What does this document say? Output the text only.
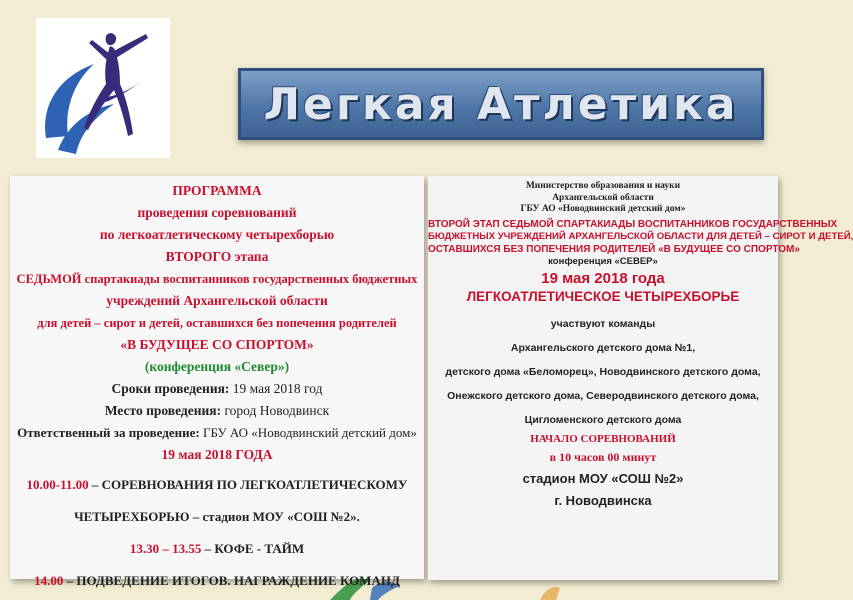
Легкая Атлетика
ПРОГРАММА
проведения соревнований
по легкоатлетическому четырехборью
ВТОРОГО этапа
СЕДЬМОЙ спартакиады воспитанников государственных бюджетных
учреждений Архангельской области
для детей – сирот и детей, оставшихся без попечения родителей
«В БУДУЩЕЕ СО СПОРТОМ»
(конференция «Север»)
Сроки проведения: 19 мая 2018 год
Место проведения: город Новодвинск
Ответственный за проведение: ГБУ АО «Новодвинский детский дом»
19 мая 2018 ГОДА
10.00-11.00 – СОРЕВНОВАНИЯ ПО ЛЕГКОАТЛЕТИЧЕСКОМУ
ЧЕТЫРЕХБОРЬЮ – стадион МОУ «СОШ №2».
13.30 – 13.55 – КОФЕ - ТАЙМ
14.00 – ПОДВЕДЕНИЕ ИТОГОВ. НАГРАЖДЕНИЕ КОМАНД
Министерство образования и науки
Архангельской области
ГБУ АО «Новодвинский детский дом»
ВТОРОЙ ЭТАП СЕДЬМОЙ СПАРТАКИАДЫ ВОСПИТАННИКОВ ГОСУДАРСТВЕННЫХ
БЮДЖЕТНЫХ УЧРЕЖДЕНИЙ АРХАНГЕЛЬСКОЙ ОБЛАСТИ ДЛЯ ДЕТЕЙ – СИРОТ И ДЕТЕЙ,
ОСТАВШИХСЯ БЕЗ ПОПЕЧЕНИЯ РОДИТЕЛЕЙ «В БУДУЩЕЕ СО СПОРТОМ»
конференция «СЕВЕР»
19 мая 2018 года
ЛЕГКОАТЛЕТИЧЕСКОЕ ЧЕТЫРЕХБОРЬЕ
участвуют команды
Архангельского детского дома №1,
детского дома «Беломорец», Новодвинского детского дома,
Онежского детского дома, Северодвинского детского дома,
Цигломенского детского дома
НАЧАЛО СОРЕВНОВАНИЙ
в 10 часов 00 минут
стадион МОУ «СОШ №2»
г. Новодвинска
